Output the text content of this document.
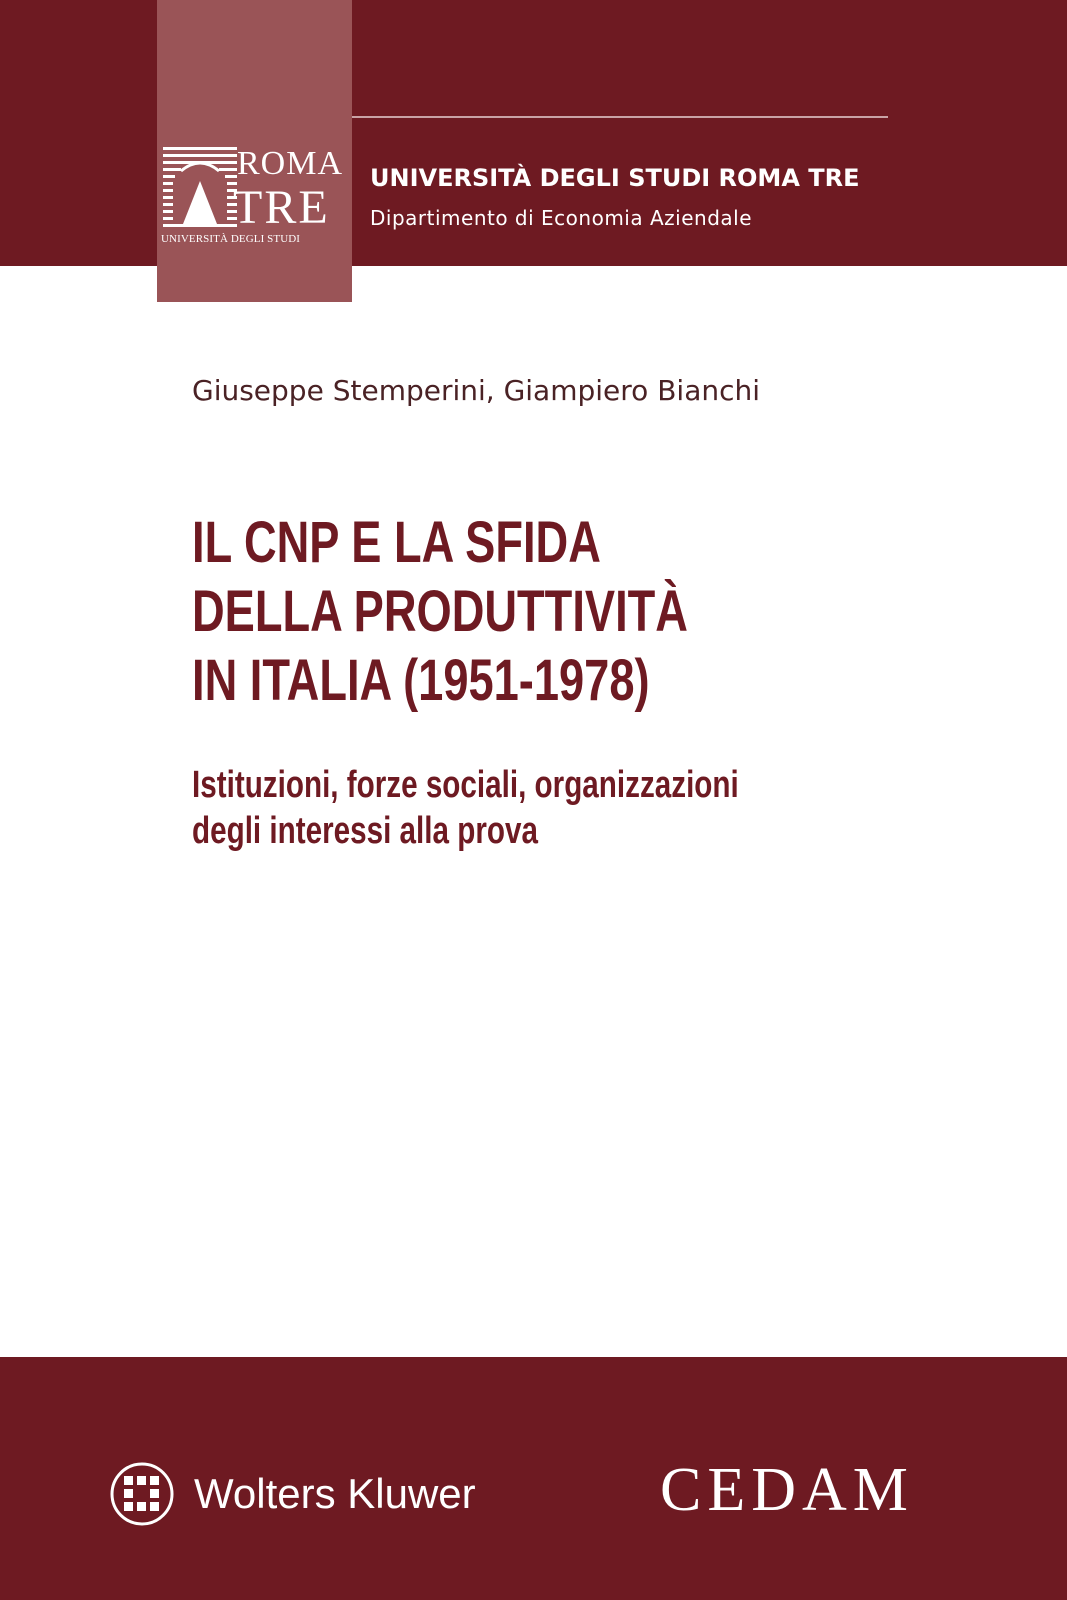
ROMA
TRE
UNIVERSITÀ DEGLI STUDI
UNIVERSITÀ DEGLI STUDI ROMA TRE
Dipartimento di Economia Aziendale
Giuseppe Stemperini, Giampiero Bianchi
IL CNP E LA SFIDA
DELLA PRODUTTIVITÀ
IN ITALIA (1951-1978)
Istituzioni, forze sociali, organizzazioni
degli interessi alla prova
Wolters Kluwer	CEDAM
